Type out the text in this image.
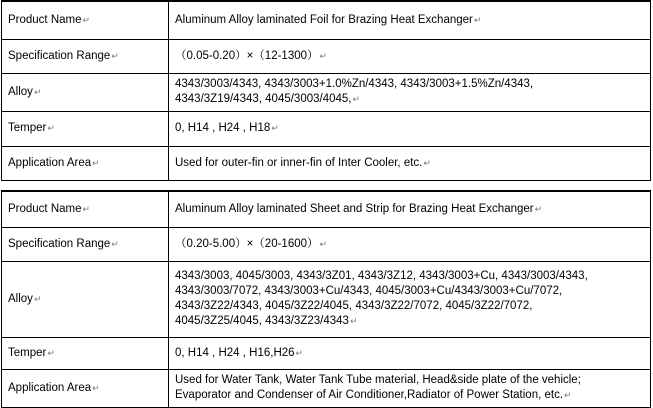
Product Name↵	Aluminum Alloy laminated Foil for Brazing Heat Exchanger↵

Specification Range↵	（0.05-0.20）×（12-1300）↵

Alloy↵	4343/3003/4343, 4343/3003+1.0%Zn/4343, 4343/3003+1.5%Zn/4343,
4343/3Z19/4343, 4045/3003/4045,↵

Temper↵	0, H14 , H24 , H18↵

Application Area↵	Used for outer-fin or inner-fin of Inter Cooler, etc.↵
Product Name↵	Aluminum Alloy laminated Sheet and Strip for Brazing Heat Exchanger↵

Specification Range↵	（0.20-5.00）×（20-1600）↵

Alloy↵	4343/3003, 4045/3003, 4343/3Z01, 4343/3Z12, 4343/3003+Cu, 4343/3003/4343,
4343/3003/7072, 4343/3003+Cu/4343, 4045/3003+Cu/4343/3003+Cu/7072,
4343/3Z22/4343, 4045/3Z22/4045, 4343/3Z22/7072, 4045/3Z22/7072,
4045/3Z25/4045, 4343/3Z23/4343↵

Temper↵	0, H14 , H24 , H16,H26↵

Application Area↵	Used for Water Tank, Water Tank Tube material, Head&side plate of the vehicle;
Evaporator and Condenser of Air Conditioner,Radiator of Power Station, etc.↵
